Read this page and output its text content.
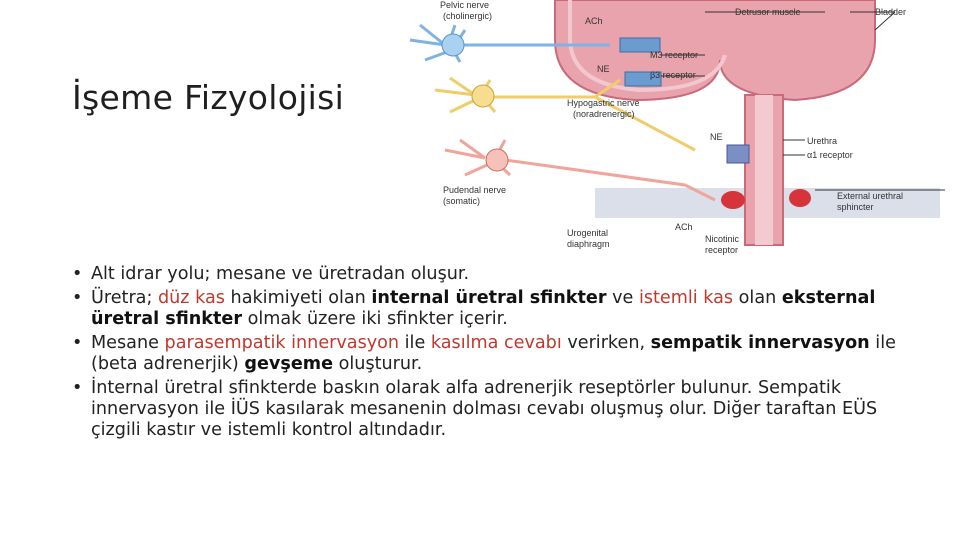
İşeme Fizyolojisi
Pelvic nerve
(cholinergic)	ACh
Detrusor muscle	Bladder
M3 receptor
NE
β3 receptor
Hypogastric nerve
(noradrenergic)
NE	Urethra
α1 receptor
Pudendal nerve
(somatic)	External urethral
sphincter
Urogenital
diaphragm
ACh
Nicotinic
receptor
• Alt idrar yolu; mesane ve üretradan oluşur.
• Üretra; düz kas hakimiyeti olan internal üretral sfinkter ve istemli kas olan eksternal üretral sfinkter olmak üzere iki sfinkter içerir.
• Mesane parasempatik innervasyon ile kasılma cevabı verirken, sempatik innervasyon ile (beta adrenerjik) gevşeme oluşturur.
• İnternal üretral sfinkterde baskın olarak alfa adrenerjik reseptörler bulunur. Sempatik innervasyon ile İÜS kasılarak mesanenin dolması cevabı oluşmuş olur. Diğer taraftan EÜS çizgili kastır ve istemli kontrol altındadır.
